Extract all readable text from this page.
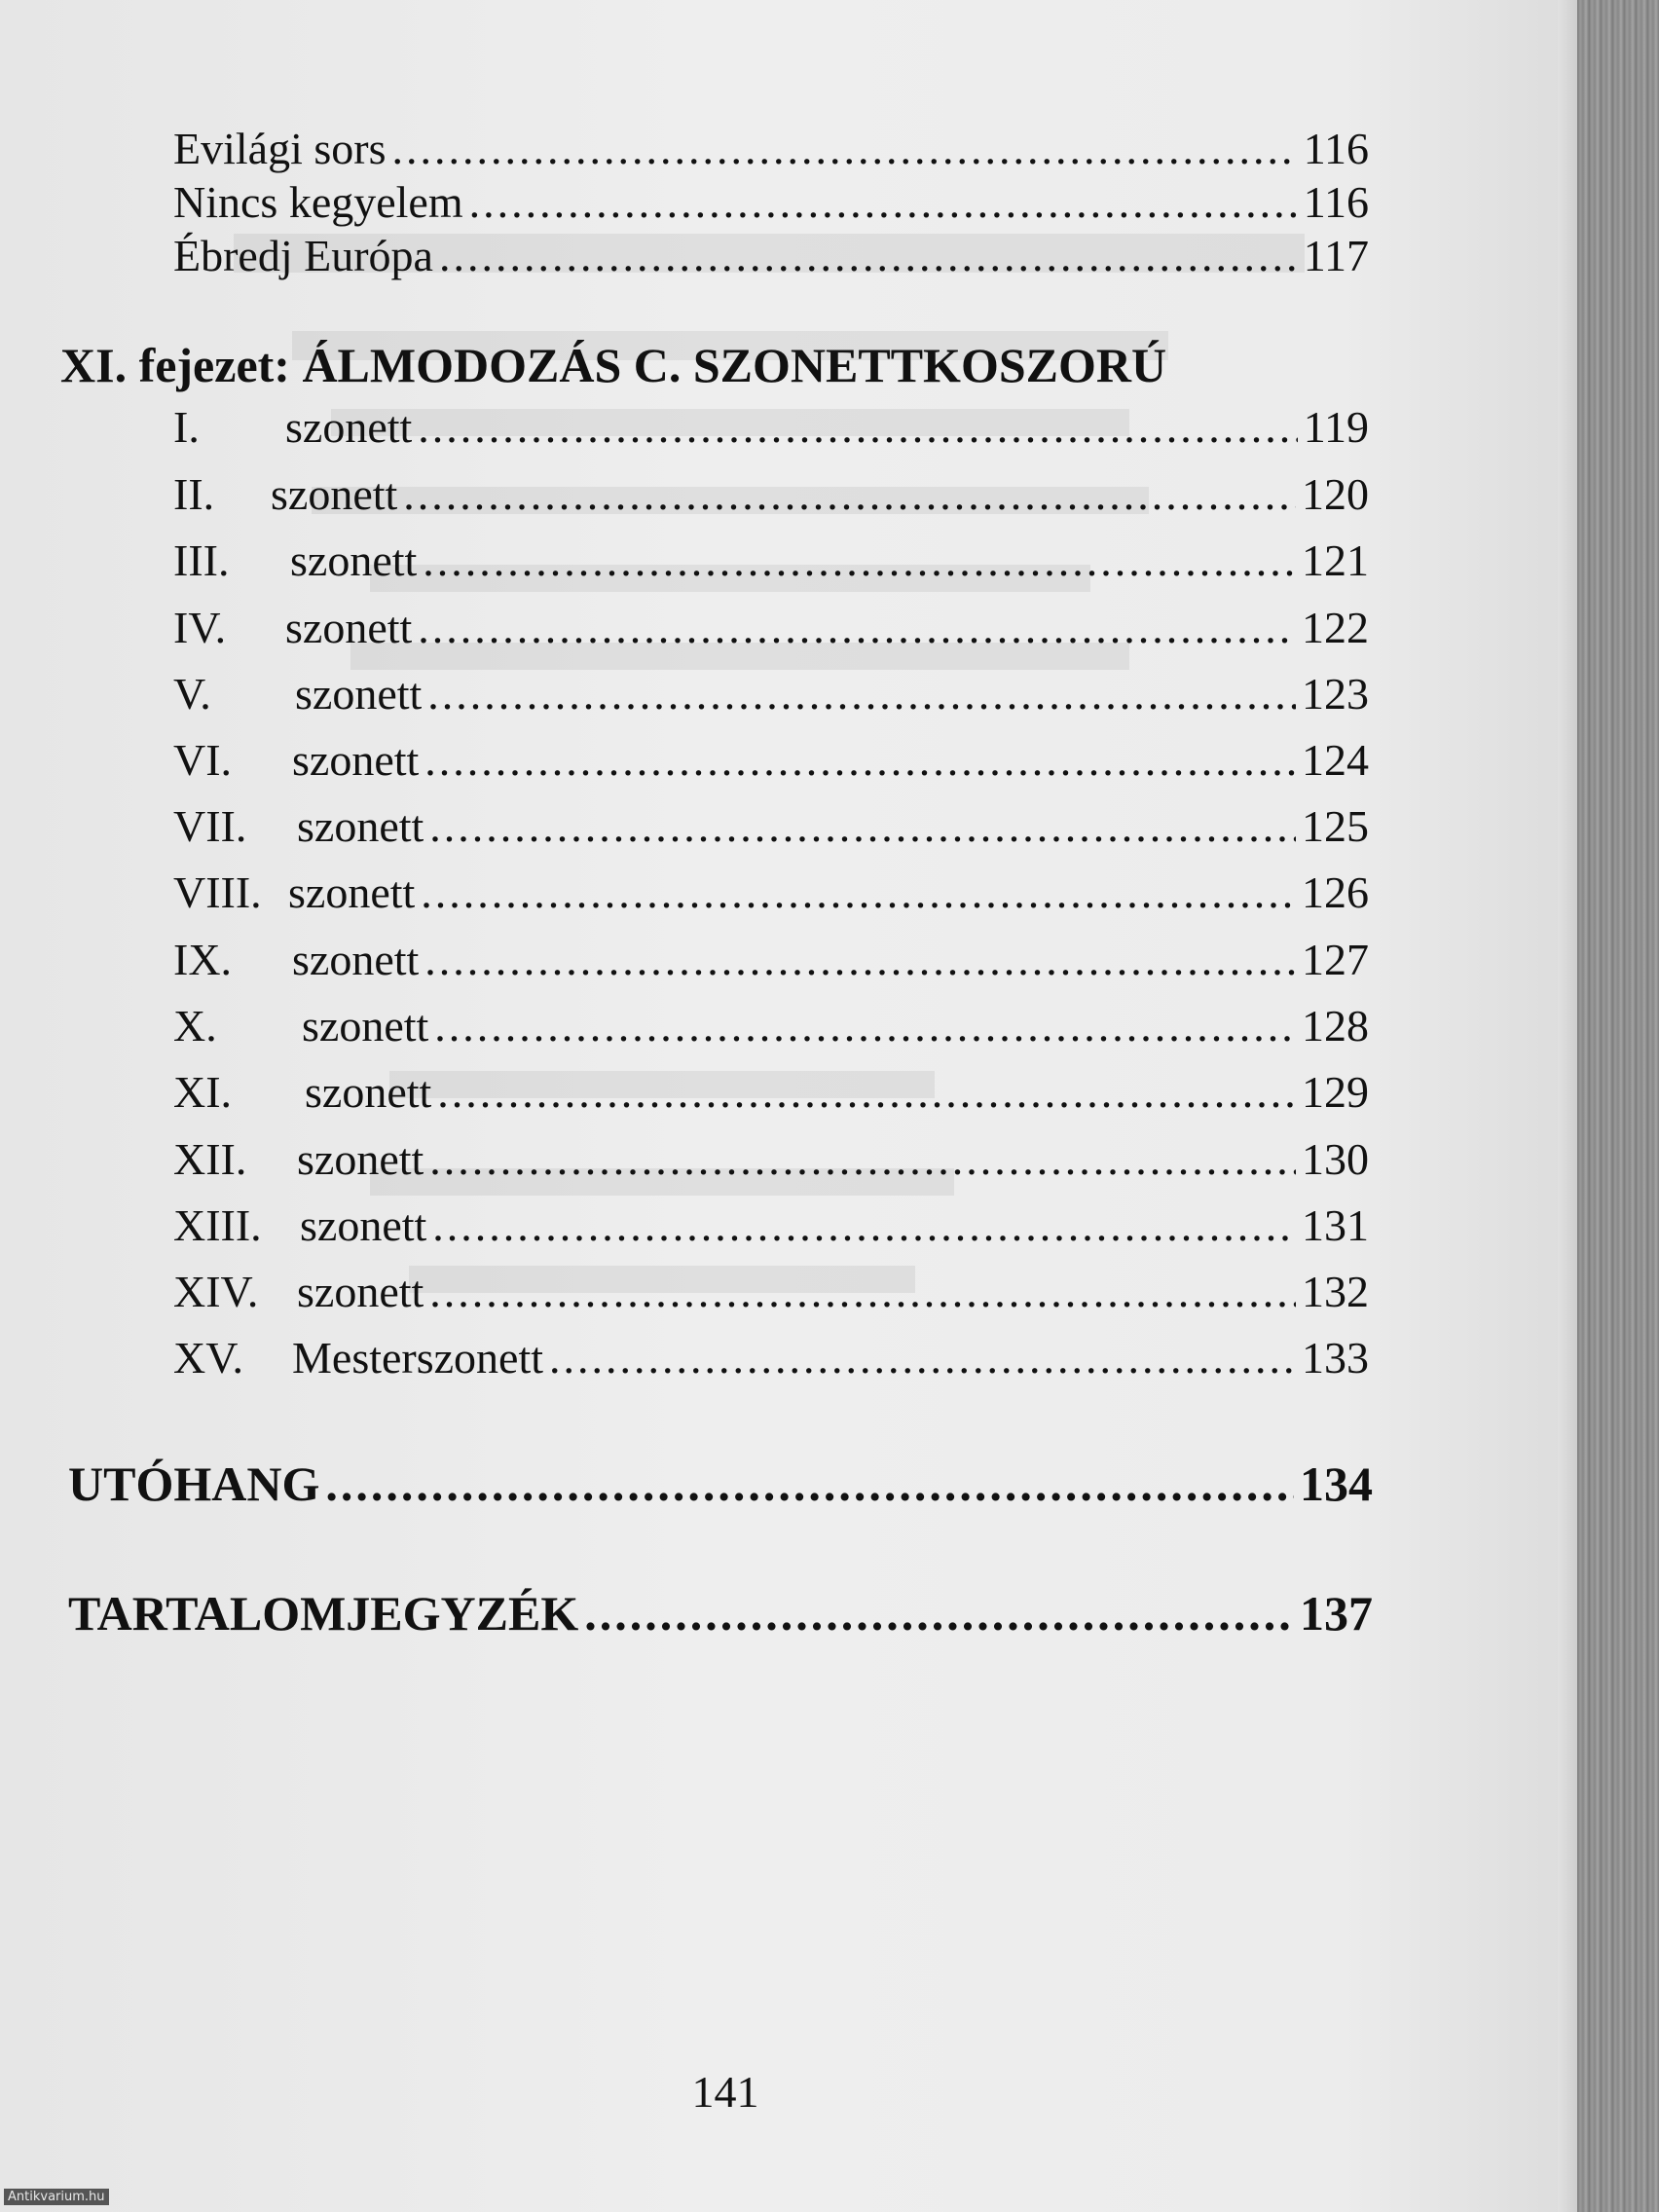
Evilági sors .....	116
Nincs kegyelem .....	116
Ébredj Európa .....	117
XI. fejezet: ÁLMODOZÁS C. SZONETTKOSZORÚ
I.	szonett .....	119
II.	szonett .....	120
III.	szonett .....	121
IV.	szonett .....	122
V.	szonett .....	123
VI.	szonett .....	124
VII.	szonett .....	125
VIII. szonett .....	126
IX.	szonett .....	127
X.	szonett .....	128
XI.	szonett .....	129
XII.	szonett .....	130
XIII. szonett .....	131
XIV. szonett .....	132
XV.	Mesterszonett .....	133
UTÓHANG .....	134
TARTALOMJEGYZÉK .....	137
141
Antikvarium.hu
